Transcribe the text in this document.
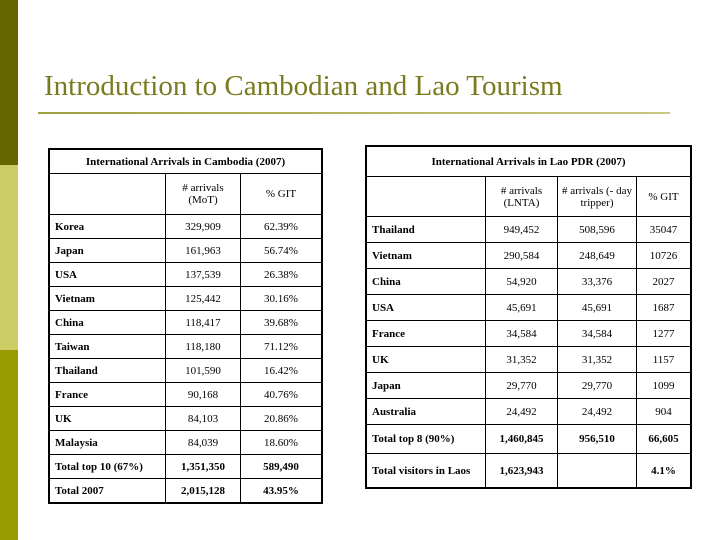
Introduction to Cambodian and Lao Tourism
International Arrivals in Cambodia (2007)		
	# arrivals (MoT)	% GIT
Korea	329,909	62.39%
Japan	161,963	56.74%
USA	137,539	26.38%
Vietnam	125,442	30.16%
China	118,417	39.68%
Taiwan	118,180	71.12%
Thailand	101,590	16.42%
France	90,168	40.76%
UK	84,103	20.86%
Malaysia	84,039	18.60%
Total top 10 (67%)	1,351,350	589,490
Total 2007	2,015,128	43.95%
International Arrivals in Lao PDR (2007)			
	# arrivals (LNTA)	# arrivals (- day tripper)	% GIT
Thailand	949,452	508,596	35047
Vietnam	290,584	248,649	10726
China	54,920	33,376	2027
USA	45,691	45,691	1687
France	34,584	34,584	1277
UK	31,352	31,352	1157
Japan	29,770	29,770	1099
Australia	24,492	24,492	904
Total top 8 (90%)	1,460,845	956,510	66,605
Total visitors in Laos	1,623,943		4.1%
